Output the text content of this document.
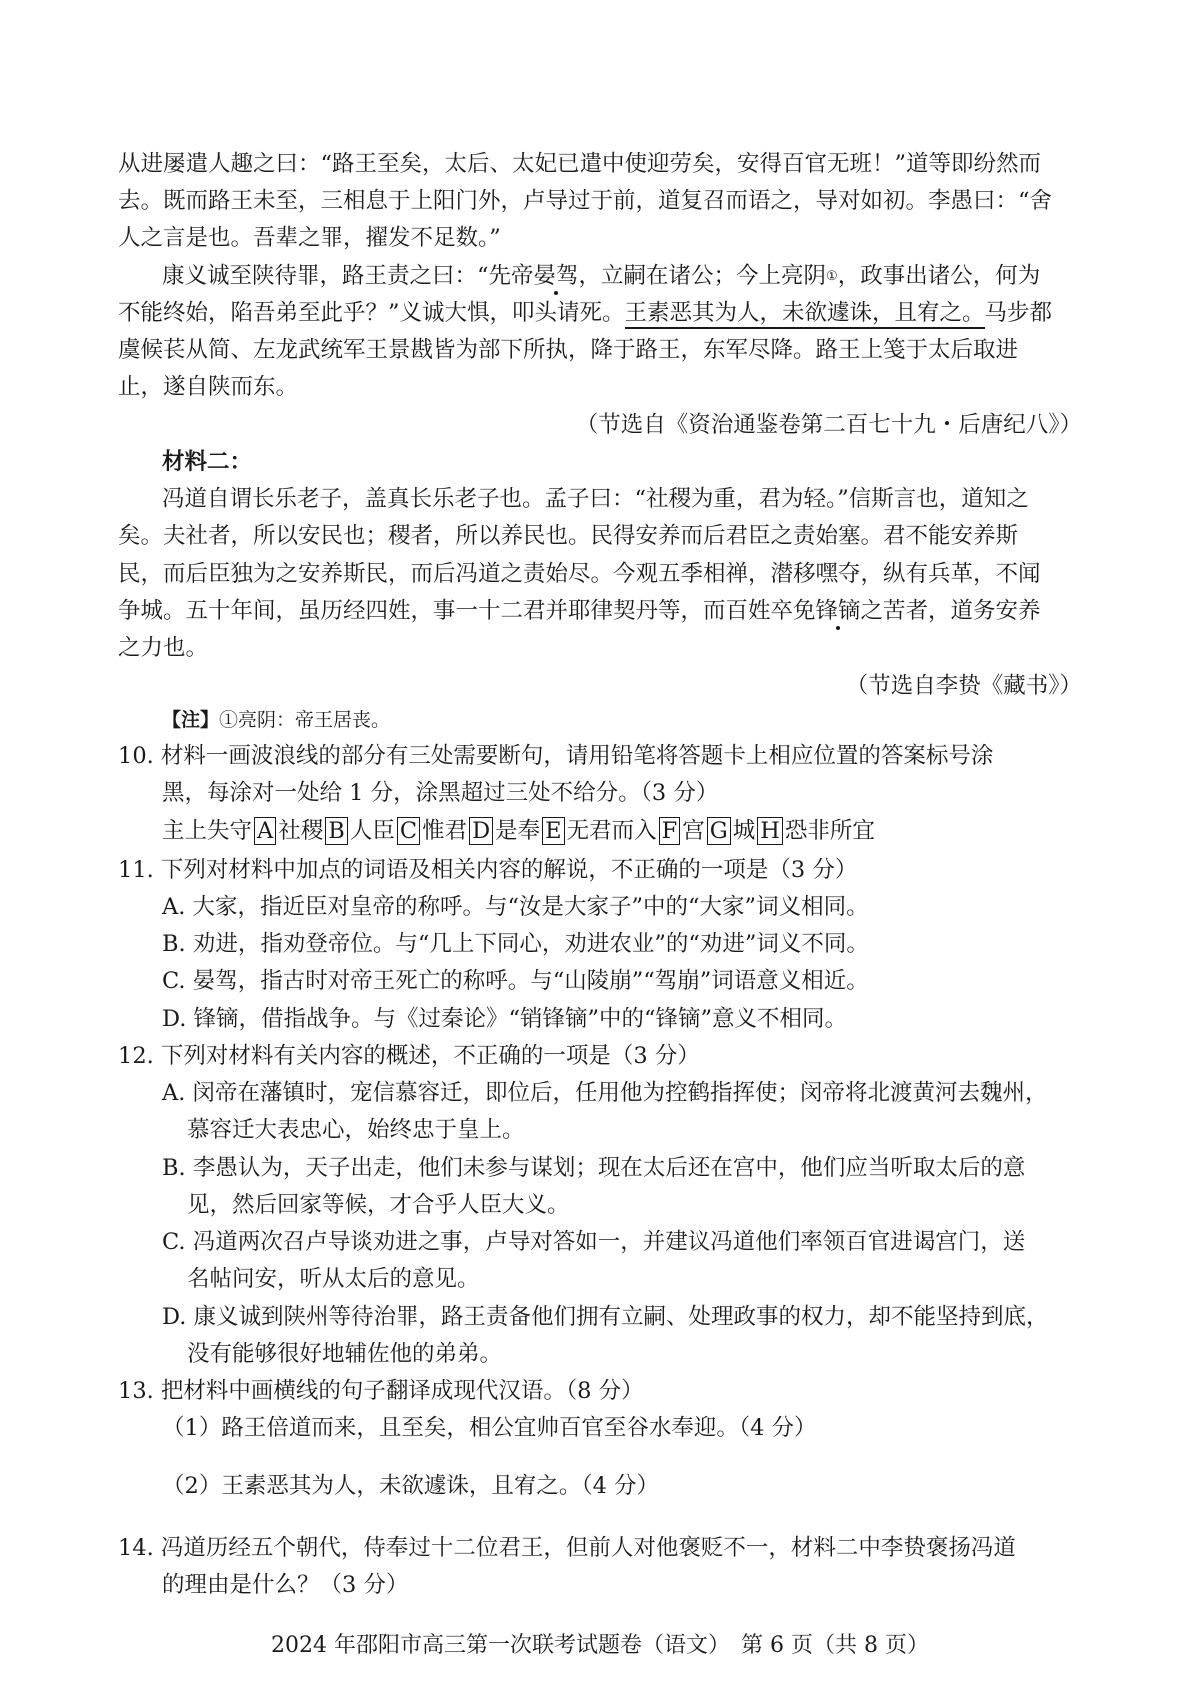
从进屡遣人趣之曰：“路王至矣，太后、太妃已遣中使迎劳矣，安得百官无班！”道等即纷然而
去。既而路王未至，三相息于上阳门外，卢导过于前，道复召而语之，导对如初。李愚曰：“舍
人之言是也。吾辈之罪，擢发不足数。”
康义诚至陕待罪，路王责之曰：“先帝晏驾，立嗣在诸公；今上亮阴①，政事出诸公，何为
不能终始，陷吾弟至此乎？”义诚大惧，叩头请死。王素恶其为人，未欲遽诛，且宥之。马步都
虞候苌从简、左龙武统军王景戡皆为部下所执，降于路王，东军尽降。路王上笺于太后取进
止，遂自陕而东。
（节选自《资治通鉴卷第二百七十九・后唐纪八》）
材料二：
冯道自谓长乐老子，盖真长乐老子也。孟子曰：“社稷为重，君为轻。”信斯言也，道知之
矣。夫社者，所以安民也；稷者，所以养民也。民得安养而后君臣之责始塞。君不能安养斯
民，而后臣独为之安养斯民，而后冯道之责始尽。今观五季相禅，潜移嘿夺，纵有兵革，不闻
争城。五十年间，虽历经四姓，事一十二君并耶律契丹等，而百姓卒免锋镝之苦者，道务安养
之力也。
（节选自李贽《藏书》）
【注】①亮阴：帝王居丧。
10. 材料一画波浪线的部分有三处需要断句，请用铅笔将答题卡上相应位置的答案标号涂
黑，每涂对一处给 1 分，涂黑超过三处不给分。（3 分）
主上失守 A 社稷 B 人臣 C 惟君 D 是奉 E 无君而入 F 宫 G 城 H 恐非所宜
11. 下列对材料中加点的词语及相关内容的解说，不正确的一项是（3 分）
A. 大家，指近臣对皇帝的称呼。与“汝是大家子”中的“大家”词义相同。
B. 劝进，指劝登帝位。与“几上下同心，劝进农业”的“劝进”词义不同。
C. 晏驾，指古时对帝王死亡的称呼。与“山陵崩”“驾崩”词语意义相近。
D. 锋镝，借指战争。与《过秦论》“销锋镝”中的“锋镝”意义不相同。
12. 下列对材料有关内容的概述，不正确的一项是（3 分）
A. 闵帝在藩镇时，宠信慕容迁，即位后，任用他为控鹤指挥使；闵帝将北渡黄河去魏州，
慕容迁大表忠心，始终忠于皇上。
B. 李愚认为，天子出走，他们未参与谋划；现在太后还在宫中，他们应当听取太后的意
见，然后回家等候，才合乎人臣大义。
C. 冯道两次召卢导谈劝进之事，卢导对答如一，并建议冯道他们率领百官进谒宫门，送
名帖问安，听从太后的意见。
D. 康义诚到陕州等待治罪，路王责备他们拥有立嗣、处理政事的权力，却不能坚持到底，
没有能够很好地辅佐他的弟弟。
13. 把材料中画横线的句子翻译成现代汉语。（8 分）
（1）路王倍道而来，且至矣，相公宜帅百官至谷水奉迎。（4 分）
（2）王素恶其为人，未欲遽诛，且宥之。（4 分）
14. 冯道历经五个朝代，侍奉过十二位君王，但前人对他褒贬不一，材料二中李贽褒扬冯道
的理由是什么？（3 分）
2024 年邵阳市高三第一次联考试题卷（语文）　第 6 页（共 8 页）
